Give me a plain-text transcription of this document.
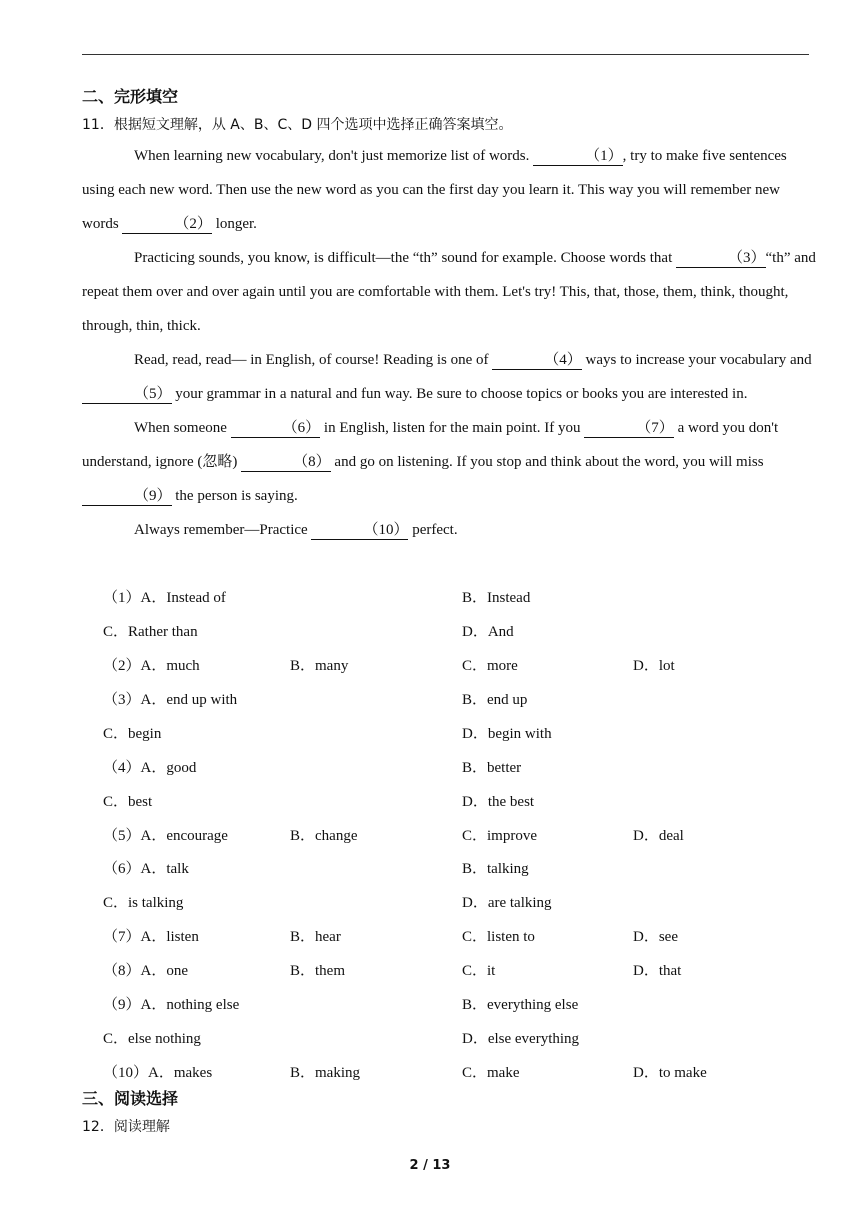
二、完形填空
11．根据短文理解，从 A、B、C、D 四个选项中选择正确答案填空。

When learning new vocabulary, don't just memorize list of words.	（1）, try to make five sentences using each new word. Then use the new word as you can the first day you learn it. This way you will remember new words	（2） longer.

Practicing sounds, you know, is difficult—the “th” sound for example. Choose words that	（3）“th” and repeat them over and over again until you are comfortable with them. Let's try! This, that, those, them, think, thought, through, thin, thick.

Read, read, read— in English, of course! Reading is one of	（4） ways to increase your vocabulary and （5） your grammar in a natural and fun way. Be sure to choose topics or books you are interested in.

When someone	（6） in English, listen for the main point. If you	（7） a word you don't understand, ignore (忽略)	（8） and go on listening. If you stop and think about the word, you will miss （9） the person is saying.

Always remember—Practice	（10） perfect.

（1）A．Instead of	B．Instead
C．Rather than	D．And
（2）A．much	B．many	C．more	D．lot
（3）A．end up with	B．end up
C．begin	D．begin with
（4）A．good	B．better
C．best	D．the best
（5）A．encourage	B．change	C．improve	D．deal
（6）A．talk	B．talking
C．is talking	D．are talking
（7）A．listen	B．hear	C．listen to	D．see
（8）A．one	B．them	C．it	D．that
（9）A．nothing else	B．everything else
C．else nothing	D．else everything
（10）A．makes	B．making	C．make	D．to make
三、阅读选择
12．阅读理解
2 / 13
